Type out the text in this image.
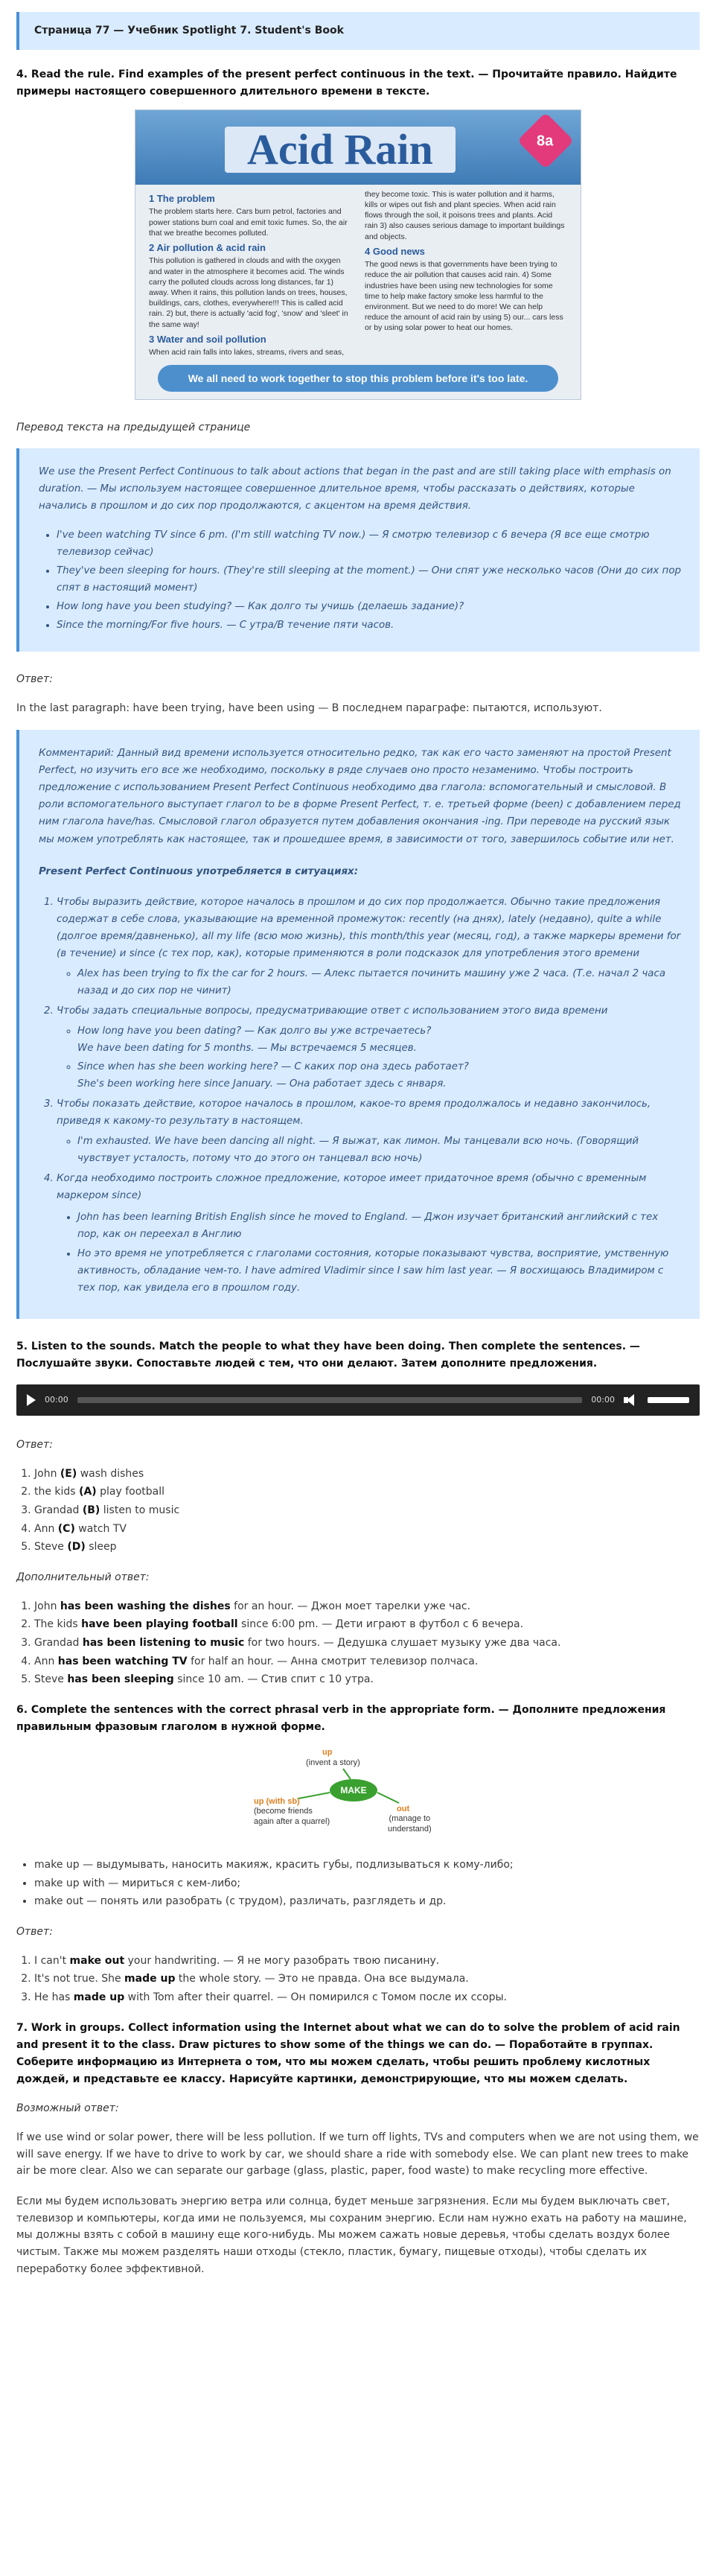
Страница 77 — Учебник Spotlight 7. Student's Book

4. Read the rule. Find examples of the present perfect continuous in the text. — Прочитайте правило. Найдите примеры настоящего совершенного длительного времени в тексте.

Acid Rain	8a
1 The problem
The problem starts here. Cars burn petrol, factories and power stations burn coal and emit toxic fumes. So, the air that we breathe becomes polluted.
2 Air pollution & acid rain
This pollution is gathered in clouds and with the oxygen and water in the atmosphere it becomes acid. The winds carry the polluted clouds across long distances, far 1) away. When it rains, this pollution lands on trees, houses, buildings, cars, clothes, everywhere!!! This is called acid rain. 2) but, there is actually 'acid fog', 'snow' and 'sleet' in the same way!
3 Water and soil pollution
When acid rain falls into lakes, streams, rivers and seas,
they become toxic. This is water pollution and it harms, kills or wipes out fish and plant species. When acid rain flows through the soil, it poisons trees and plants. Acid rain 3) also causes serious damage to important buildings and objects.
4 Good news
The good news is that governments have been trying to reduce the air pollution that causes acid rain. 4) Some industries have been using new technologies for some time to help make factory smoke less harmful to the environment. But we need to do more! We can help reduce the amount of acid rain by using 5) our... cars less or by using solar power to heat our homes.
We all need to work together to stop this problem before it's too late.

Перевод текста на предыдущей странице

We use the Present Perfect Continuous to talk about actions that began in the past and are still taking place with emphasis on duration. — Мы используем настоящее совершенное длительное время, чтобы рассказать о действиях, которые начались в прошлом и до сих пор продолжаются, с акцентом на время действия.

• I've been watching TV since 6 pm. (I'm still watching TV now.) — Я смотрю телевизор с 6 вечера (Я все еще смотрю телевизор сейчас)
• They've been sleeping for hours. (They're still sleeping at the moment.) — Они спят уже несколько часов (Они до сих пор спят в настоящий момент)
• How long have you been studying? — Как долго ты учишь (делаешь задание)?
• Since the morning/For five hours. — С утра/В течение пяти часов.

Ответ:

In the last paragraph: have been trying, have been using — В последнем параграфе: пытаются, используют.

Комментарий: Данный вид времени используется относительно редко, так как его часто заменяют на простой Present Perfect, но изучить его все же необходимо, поскольку в ряде случаев оно просто незаменимо. Чтобы построить предложение с использованием Present Perfect Continuous необходимо два глагола: вспомогательный и смысловой. В роли вспомогательного выступает глагол to be в форме Present Perfect, т. е. третьей форме (been) с добавлением перед ним глагола have/has. Смысловой глагол образуется путем добавления окончания -ing. При переводе на русский язык мы можем употреблять как настоящее, так и прошедшее время, в зависимости от того, завершилось событие или нет.

Present Perfect Continuous употребляется в ситуациях:

1. Чтобы выразить действие, которое началось в прошлом и до сих пор продолжается. Обычно такие предложения содержат в себе слова, указывающие на временной промежуток: recently (на днях), lately (недавно), quite a while (долгое время/давненько), all my life (всю мою жизнь), this month/this year (месяц, год), а также маркеры времени for (в течение) и since (с тех пор, как), которые применяются в роли подсказок для употребления этого времени
◦ Alex has been trying to fix the car for 2 hours. — Алекс пытается починить машину уже 2 часа. (Т.е. начал 2 часа назад и до сих пор не чинит)
2. Чтобы задать специальные вопросы, предусматривающие ответ с использованием этого вида времени
◦ How long have you been dating? — Как долго вы уже встречаетесь?
We have been dating for 5 months. — Мы встречаемся 5 месяцев.
◦ Since when has she been working here? — С каких пор она здесь работает?
She's been working here since January. — Она работает здесь с января.
3. Чтобы показать действие, которое началось в прошлом, какое-то время продолжалось и недавно закончилось, приведя к какому-то результату в настоящем.
◦ I'm exhausted. We have been dancing all night. — Я выжат, как лимон. Мы танцевали всю ночь. (Говорящий чувствует усталость, потому что до этого он танцевал всю ночь)
4. Когда необходимо построить сложное предложение, которое имеет придаточное время (обычно с временным маркером since)
• John has been learning British English since he moved to England. — Джон изучает британский английский с тех пор, как он переехал в Англию
• Но это время не употребляется с глаголами состояния, которые показывают чувства, восприятие, умственную активность, обладание чем-то. I have admired Vladimir since I saw him last year. — Я восхищаюсь Владимиром с тех пор, как увидела его в прошлом году.

5. Listen to the sounds. Match the people to what they have been doing. Then complete the sentences. — Послушайте звуки. Сопоставьте людей с тем, что они делают. Затем дополните предложения.

00:00	00:00

Ответ:

1. John (E) wash dishes
2. the kids (A) play football
3. Grandad (B) listen to music
4. Ann (C) watch TV
5. Steve (D) sleep

Дополнительный ответ:

1. John has been washing the dishes for an hour. — Джон моет тарелки уже час.
2. The kids have been playing football since 6:00 pm. — Дети играют в футбол с 6 вечера.
3. Grandad has been listening to music for two hours. — Дедушка слушает музыку уже два часа.
4. Ann has been watching TV for half an hour. — Анна смотрит телевизор полчаса.
5. Steve has been sleeping since 10 am. — Стив спит с 10 утра.

6. Complete the sentences with the correct phrasal verb in the appropriate form. — Дополните предложения правильным фразовым глаголом в нужной форме.

MAKE
up
(invent a story)
up (with sb)
(become friends
again after a quarrel)
out
(manage to
understand)
• make up — выдумывать, наносить макияж, красить губы, подлизываться к кому-либо;
• make up with — мириться с кем-либо;
• make out — понять или разобрать (с трудом), различать, разглядеть и др.

Ответ:

1. I can't make out your handwriting. — Я не могу разобрать твою писанину.
2. It's not true. She made up the whole story. — Это не правда. Она все выдумала.
3. He has made up with Tom after their quarrel. — Он помирился с Томом после их ссоры.

7. Work in groups. Collect information using the Internet about what we can do to solve the problem of acid rain and present it to the class. Draw pictures to show some of the things we can do. — Поработайте в группах. Соберите информацию из Интернета о том, что мы можем сделать, чтобы решить проблему кислотных дождей, и представьте ее классу. Нарисуйте картинки, демонстрирующие, что мы можем сделать.

Возможный ответ:

If we use wind or solar power, there will be less pollution. If we turn off lights, TVs and computers when we are not using them, we will save energy. If we have to drive to work by car, we should share a ride with somebody else. We can plant new trees to make air be more clear. Also we can separate our garbage (glass, plastic, paper, food waste) to make recycling more effective.

Если мы будем использовать энергию ветра или солнца, будет меньше загрязнения. Если мы будем выключать свет, телевизор и компьютеры, когда ими не пользуемся, мы сохраним энергию. Если нам нужно ехать на работу на машине, мы должны взять с собой в машину еще кого-нибудь. Мы можем сажать новые деревья, чтобы сделать воздух более чистым. Также мы можем разделять наши отходы (стекло, пластик, бумагу, пищевые отходы), чтобы сделать их переработку более эффективной.
